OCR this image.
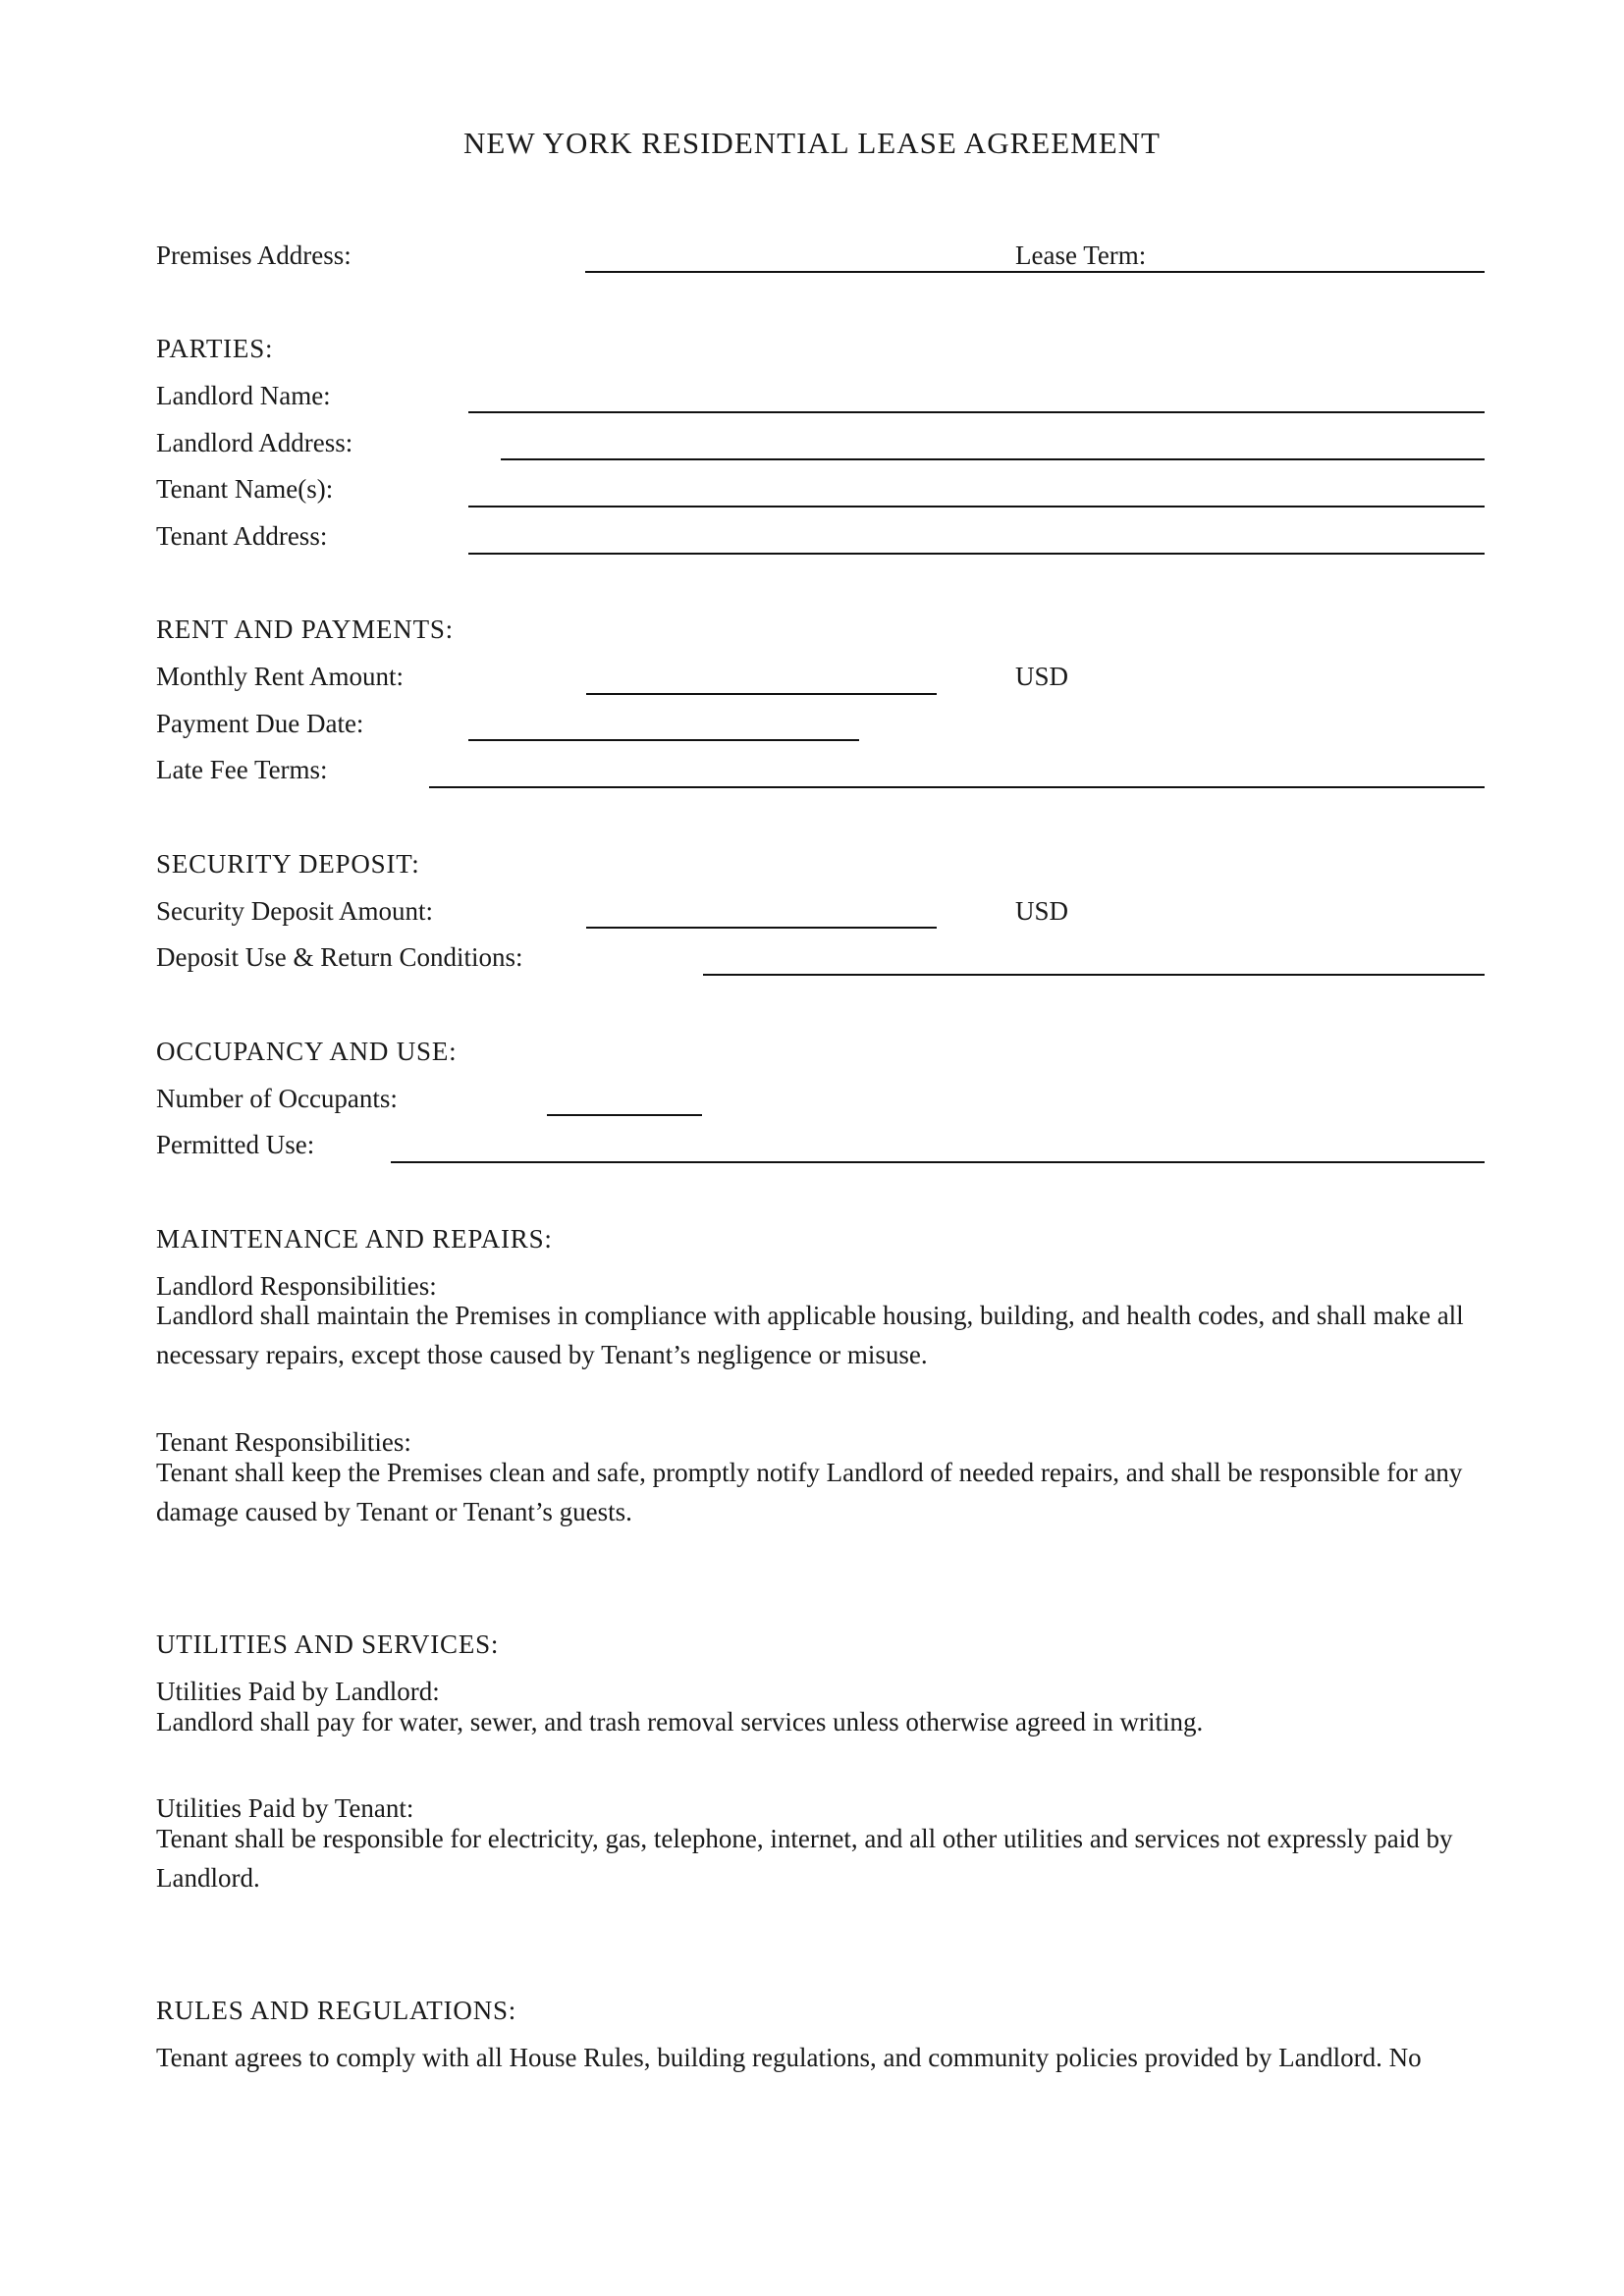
NEW YORK RESIDENTIAL LEASE AGREEMENT
Premises Address:	Lease Term:
PARTIES:
Landlord Name:
Landlord Address:
Tenant Name(s):
Tenant Address:
RENT AND PAYMENTS:
Monthly Rent Amount:	USD
Payment Due Date:
Late Fee Terms:
SECURITY DEPOSIT:
Security Deposit Amount:	USD
Deposit Use & Return Conditions:
OCCUPANCY AND USE:
Number of Occupants:
Permitted Use:
MAINTENANCE AND REPAIRS:
Landlord Responsibilities:
Landlord shall maintain the Premises in compliance with applicable housing, building, and health codes, and shall make all necessary repairs, except those caused by Tenant’s negligence or misuse.
Tenant Responsibilities:
Tenant shall keep the Premises clean and safe, promptly notify Landlord of needed repairs, and shall be responsible for any damage caused by Tenant or Tenant’s guests.
UTILITIES AND SERVICES:
Utilities Paid by Landlord:
Landlord shall pay for water, sewer, and trash removal services unless otherwise agreed in writing.
Utilities Paid by Tenant:
Tenant shall be responsible for electricity, gas, telephone, internet, and all other utilities and services not expressly paid by Landlord.
RULES AND REGULATIONS:
Tenant agrees to comply with all House Rules, building regulations, and community policies provided by Landlord. No
